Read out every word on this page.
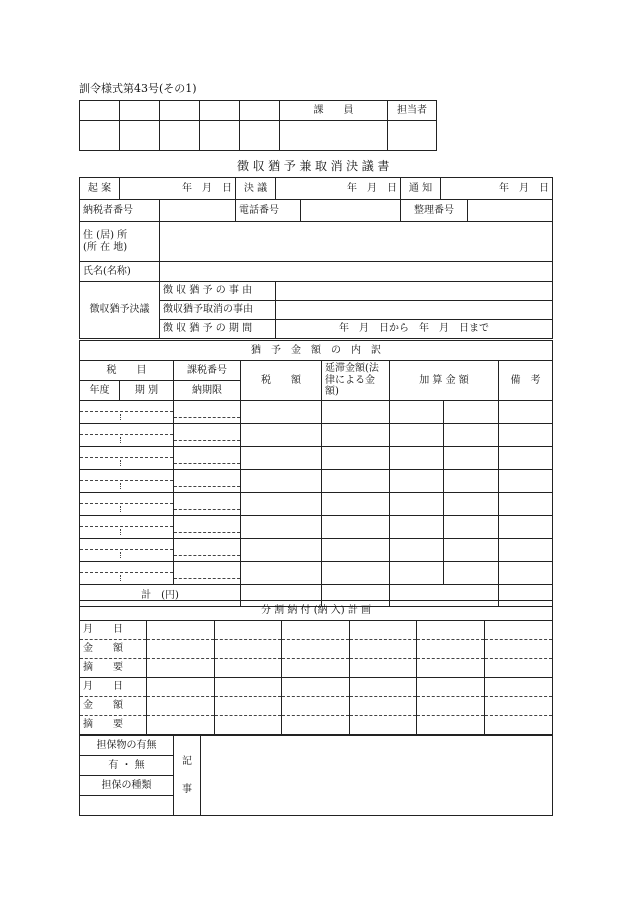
訓令様式第43号(その1)
					課　　員	担当者

徴収猶予兼取消決議書
起 案	年　月　日		決 議	年　月　日		通 知	年　月　日	
納税者番号			電話番号			整理番号		

住 (居) 所
(所 在 地)								

氏名(名称)								
徴収猶予決議		徴 収 猶 予 の 事 由						
		徴収猶予取消の事由						
		徴 収 猶 予 の 期 間		年　月　日から　年　月　日まで				
猶　予　金　額　の　内　訳							
税　　目		課税番号	税　　額	延滞金額(法律による金額)	加 算 金 額		備　考
年度	期 別	納期限					

計　(円)							
分 割 納 付 (納 入) 計 画						
月　　日						
金　　額						
摘　　要						
月　　日						
金　　額						
摘　　要						
担保物の有無	
記
事

有 ・ 無
担保の種類
